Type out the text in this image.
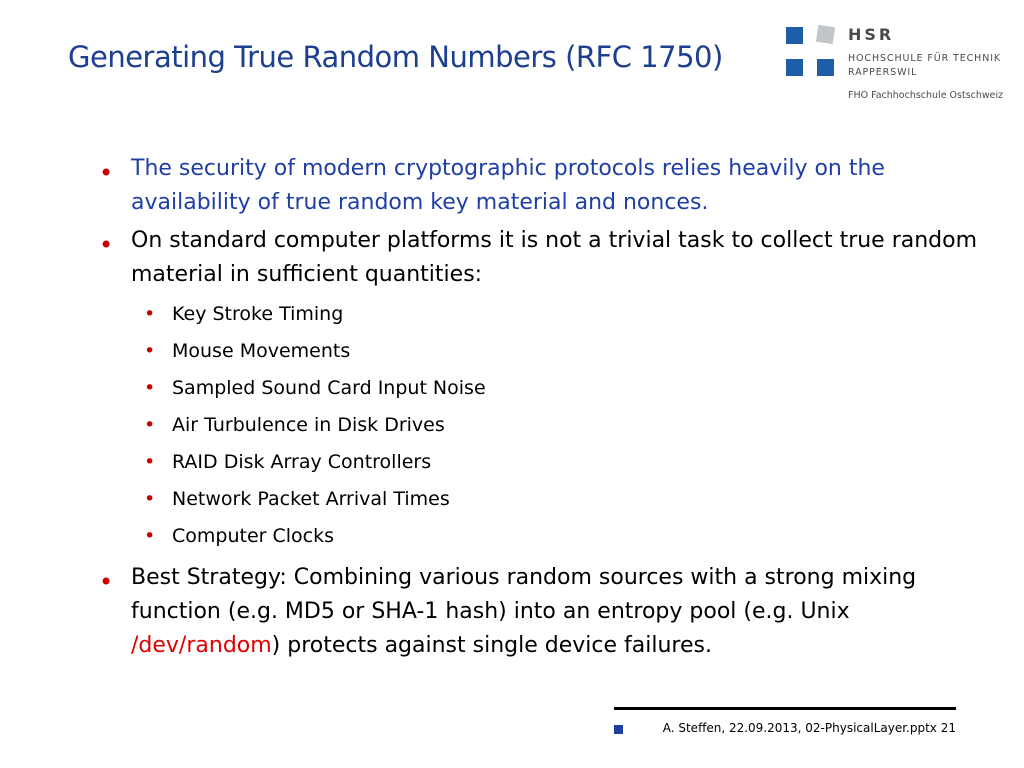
Generating True Random Numbers (RFC 1750)
HSR
HOCHSCHULE FÜR TECHNIK
RAPPERSWIL
FHO Fachhochschule Ostschweiz
• The security of modern cryptographic protocols relies heavily on the availability of true random key material and nonces.
• On standard computer platforms it is not a trivial task to collect true random material in sufficient quantities:
• Key Stroke Timing
• Mouse Movements
• Sampled Sound Card Input Noise
• Air Turbulence in Disk Drives
• RAID Disk Array Controllers
• Network Packet Arrival Times
• Computer Clocks
• Best Strategy: Combining various random sources with a strong mixing function (e.g. MD5 or SHA-1 hash) into an entropy pool (e.g. Unix /dev/random) protects against single device failures.
A. Steffen, 22.09.2013, 02-PhysicalLayer.pptx 21
